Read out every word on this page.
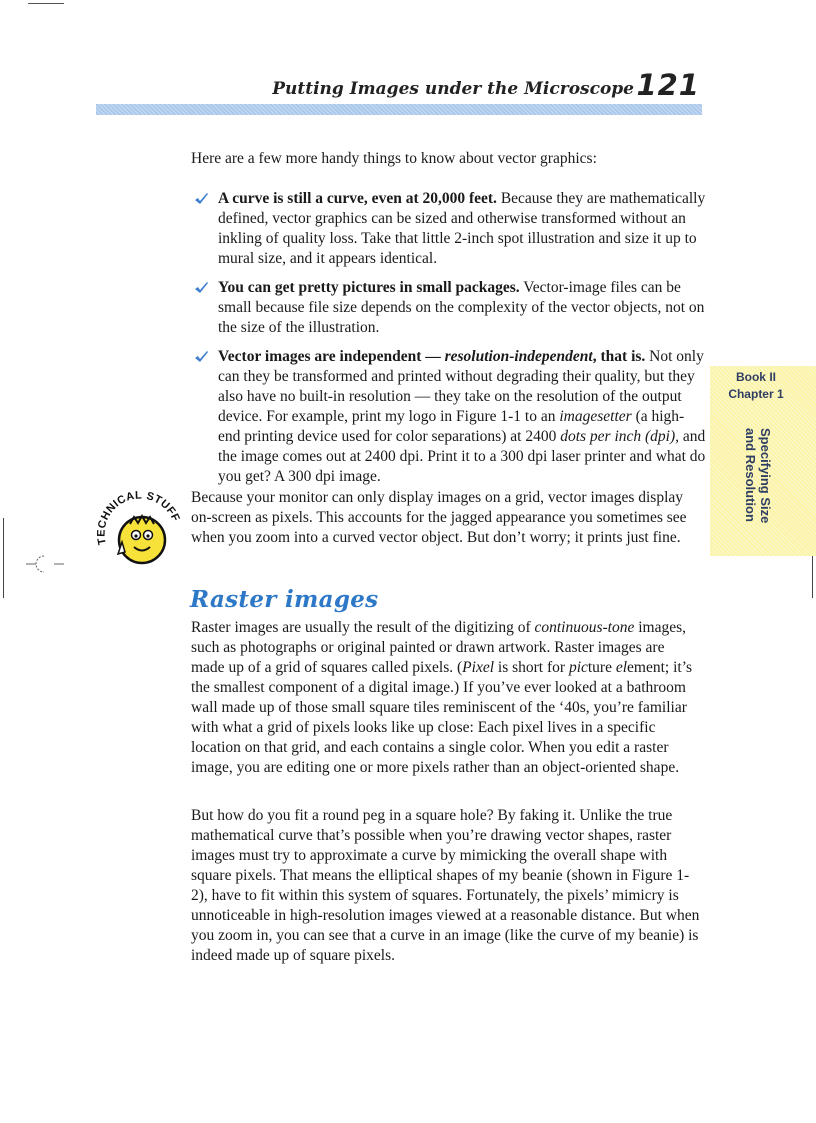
Putting Images under the Microscope 121
Book II
Chapter 1
Specifying Size
and Resolution

Here are a few more handy things to know about vector graphics:

A curve is still a curve, even at 20,000 feet. Because they are mathematically defined, vector graphics can be sized and otherwise transformed without an inkling of quality loss. Take that little 2-inch spot illustration and size it up to mural size, and it appears identical.
You can get pretty pictures in small packages. Vector-image files can be small because file size depends on the complexity of the vector objects, not on the size of the illustration.
Vector images are independent — resolution-independent, that is. Not only can they be transformed and printed without degrading their quality, but they also have no built-in resolution — they take on the resolution of the output device. For example, print my logo in Figure 1-1 to an imagesetter (a high-end printing device used for color separations) at 2400 dots per inch (dpi), and the image comes out at 2400 dpi. Print it to a 300 dpi laser printer and what do you get? A 300 dpi image.
TECHNICAL STUFF

Because your monitor can only display images on a grid, vector images display on-screen as pixels. This accounts for the jagged appearance you sometimes see when you zoom into a curved vector object. But don’t worry; it prints just fine.

Raster images

Raster images are usually the result of the digitizing of continuous-tone images, such as photographs or original painted or drawn artwork. Raster images are made up of a grid of squares called pixels. (Pixel is short for picture element; it’s the smallest component of a digital image.) If you’ve ever looked at a bathroom wall made up of those small square tiles reminiscent of the ‘40s, you’re familiar with what a grid of pixels looks like up close: Each pixel lives in a specific location on that grid, and each contains a single color. When you edit a raster image, you are editing one or more pixels rather than an object-oriented shape.

But how do you fit a round peg in a square hole? By faking it. Unlike the true mathematical curve that’s possible when you’re drawing vector shapes, raster images must try to approximate a curve by mimicking the overall shape with square pixels. That means the elliptical shapes of my beanie (shown in Figure 1-2), have to fit within this system of squares. Fortunately, the pixels’ mimicry is unnoticeable in high-resolution images viewed at a reasonable distance. But when you zoom in, you can see that a curve in an image (like the curve of my beanie) is indeed made up of square pixels.
